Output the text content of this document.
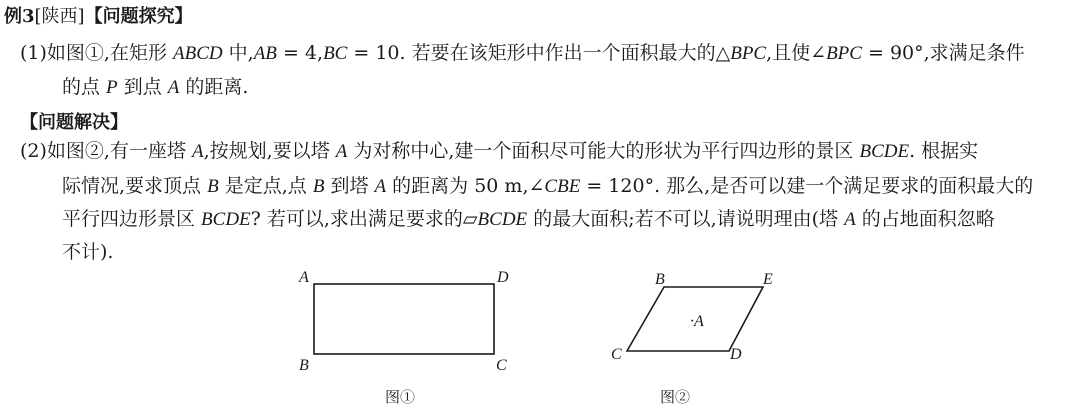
例3[陕西]【问题探究】
(1)如图①,在矩形 ABCD 中,AB = 4,BC = 10. 若要在该矩形中作出一个面积最大的△BPC,且使∠BPC = 90°,求满足条件
的点 P 到点 A 的距离.
【问题解决】
(2)如图②,有一座塔 A,按规划,要以塔 A 为对称中心,建一个面积尽可能大的形状为平行四边形的景区 BCDE. 根据实
际情况,要求顶点 B 是定点,点 B 到塔 A 的距离为 50 m,∠CBE = 120°. 那么,是否可以建一个满足要求的面积最大的
平行四边形景区 BCDE? 若可以,求出满足要求的▱BCDE 的最大面积;若不可以,请说明理由(塔 A 的占地面积忽略
不计).
A	D
B	C
图①
B	E
C	D
·A
图②
